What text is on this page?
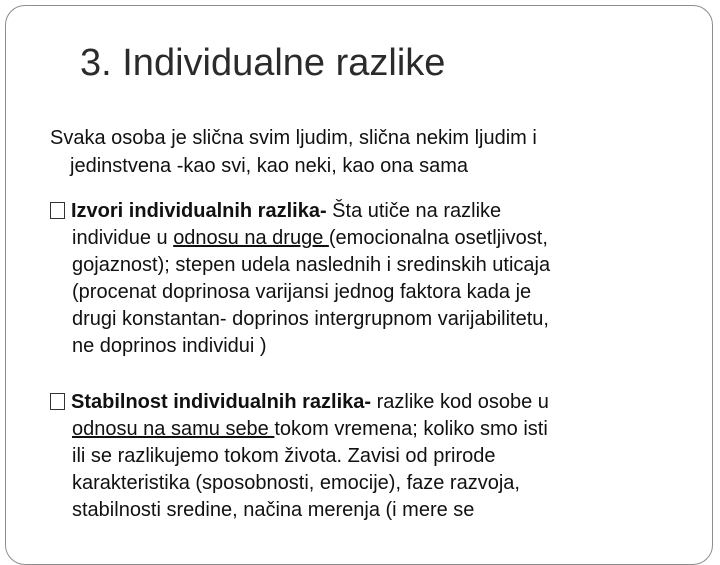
3. Individualne razlike
Svaka osoba je slična svim ljudim, slična nekim ljudim i
jedinstvena -kao svi, kao neki, kao ona sama
Izvori individualnih razlika- Šta utiče na razlike
individue u odnosu na druge (emocionalna osetljivost,
gojaznost); stepen udela naslednih i sredinskih uticaja
(procenat doprinosa varijansi jednog faktora kada je
drugi konstantan- doprinos intergrupnom varijabilitetu,
ne doprinos individui )
Stabilnost individualnih razlika- razlike kod osobe u
odnosu na samu sebe tokom vremena; koliko smo isti
ili se razlikujemo tokom života. Zavisi od prirode
karakteristika (sposobnosti, emocije), faze razvoja,
stabilnosti sredine, načina merenja (i mere se
